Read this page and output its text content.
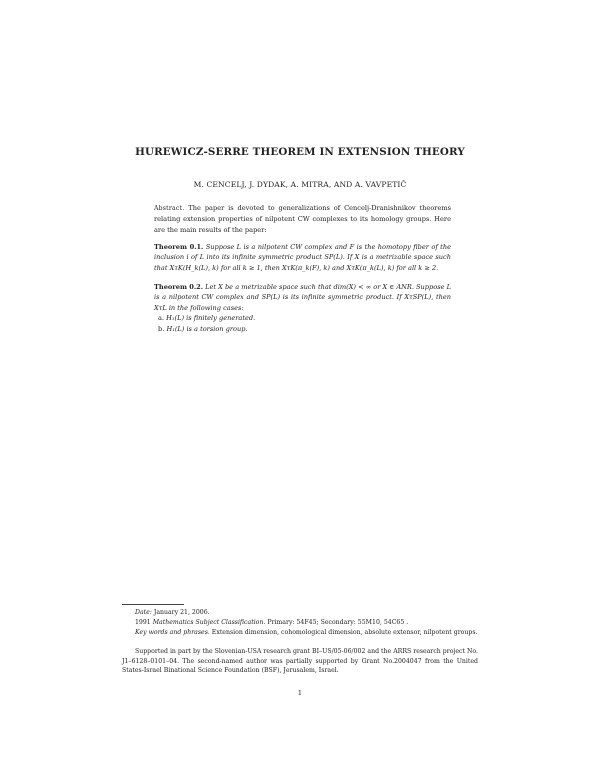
HUREWICZ-SERRE THEOREM IN EXTENSION THEORY
M. CENCELJ, J. DYDAK, A. MITRA, AND A. VAVPETIČ
Abstract. The paper is devoted to generalizations of Cencelj-Dranishnikov theorems relating extension properties of nilpotent CW complexes to its homology groups. Here are the main results of the paper:
Theorem 0.1. Suppose L is a nilpotent CW complex and F is the homotopy fiber of the inclusion i of L into its infinite symmetric product SP(L). If X is a metrizable space such that XτK(H_k(L), k) for all k ≥ 1, then XτK(π_k(F), k) and XτK(π_k(L), k) for all k ≥ 2.
Theorem 0.2. Let X be a metrizable space such that dim(X) < ∞ or X ∈ ANR. Suppose L is a nilpotent CW complex and SP(L) is its infinite symmetric product. If XτSP(L), then XτL in the following cases:
a. H₁(L) is finitely generated.
b. H₁(L) is a torsion group.
Date: January 21, 2006.
1991 Mathematics Subject Classification. Primary: 54F45; Secondary: 55M10, 54C65 .
Key words and phrases. Extension dimension, cohomological dimension, absolute extensor, nilpotent groups.
Supported in part by the Slovenian-USA research grant BI–US/05-06/002 and the ARRS research project No. J1–6128–0101–04. The second-named author was partially supported by Grant No.2004047 from the United States-Israel Binational Science Foundation (BSF), Jerusalem, Israel.
1
